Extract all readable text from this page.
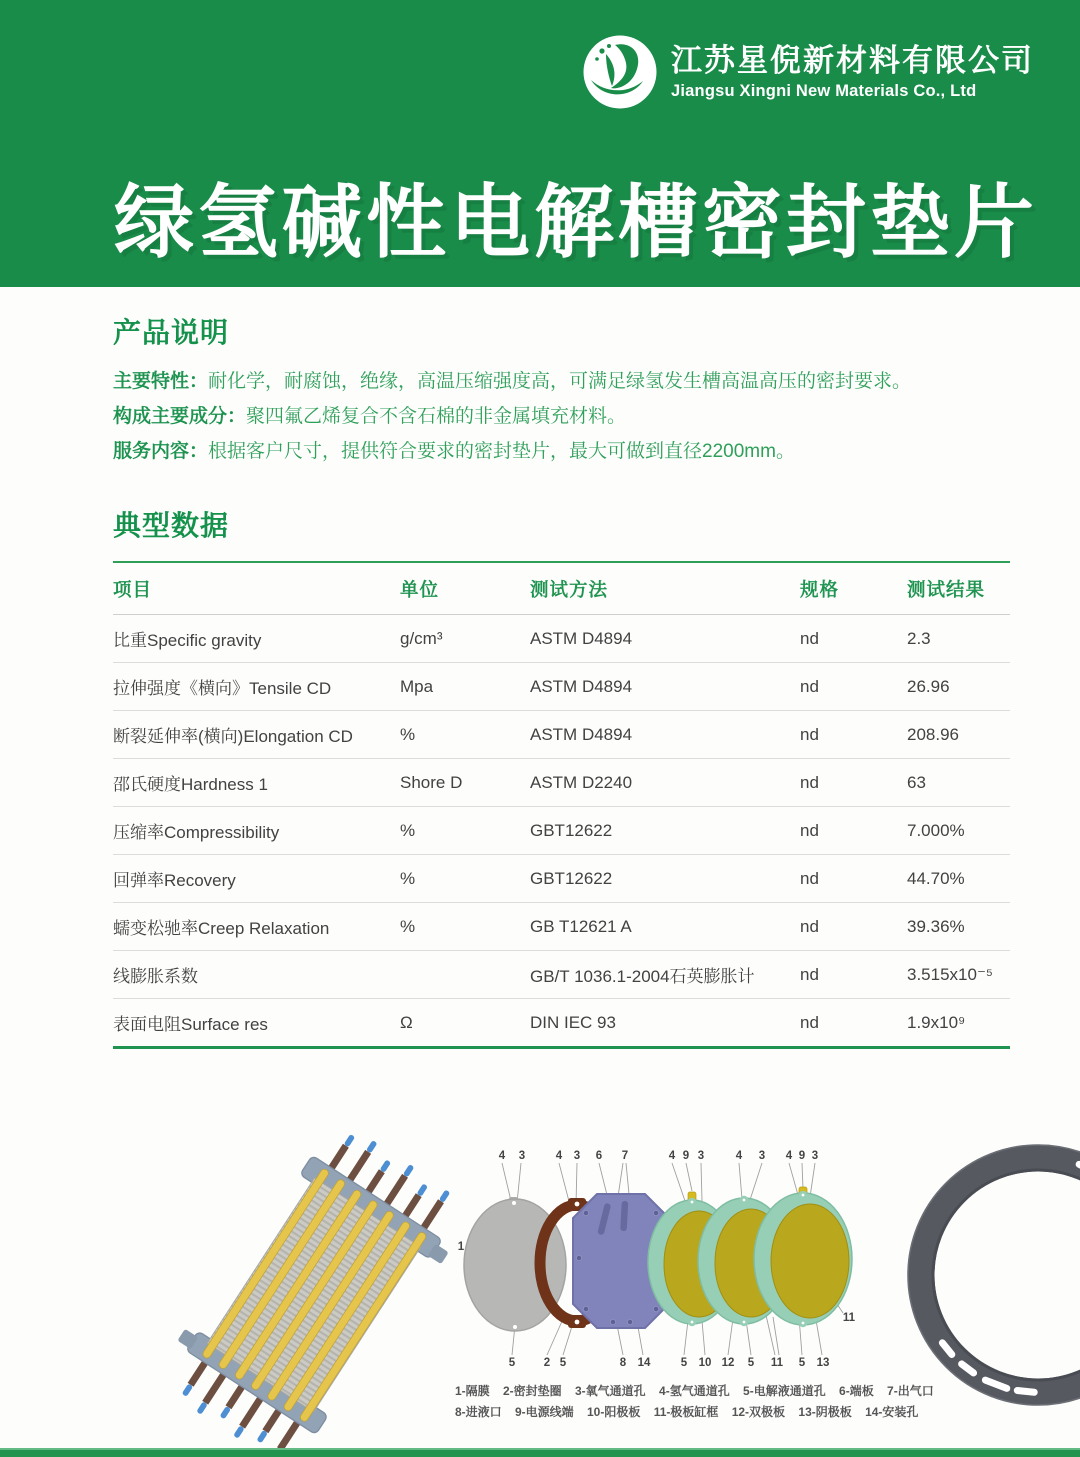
江苏星倪新材料有限公司
Jiangsu Xingni New Materials Co., Ltd
绿氢碱性电解槽密封垫片
产品说明

主要特性：耐化学，耐腐蚀，绝缘，高温压缩强度高，可满足绿氢发生槽高温高压的密封要求。

构成主要成分：聚四氟乙烯复合不含石棉的非金属填充材料。

服务内容：根据客户尺寸，提供符合要求的密封垫片，最大可做到直径2200mm。

典型数据
项目	单位	测试方法	规格	测试结果
比重Specific gravity	g/cm³	ASTM D4894	nd	2.3
拉伸强度《横向》Tensile CD	Mpa	ASTM D4894	nd	26.96
断裂延伸率(横向)Elongation CD	%	ASTM D4894	nd	208.96
邵氏硬度Hardness 1	Shore D	ASTM D2240	nd	63
压缩率Compressibility	%	GBT12622	nd	7.000%
回弹率Recovery	%	GBT12622	nd	44.70%
蠕变松驰率Creep Relaxation	%	GB T12621 A	nd	39.36%
线膨胀系数		GB/T 1036.1-2004石英膨胀计	nd	3.515x10⁻⁵
表面电阻Surface res	Ω	DIN IEC 93	nd	1.9x10⁹
4 3	4 3 6 7	4 9 3	4 3 4 9 3
1
11
5 2 5	8 14	5 10 12 5 11 5 13
1-隔膜    2-密封垫圈    3-氧气通道孔    4-氢气通道孔    5-电解液通道孔    6-端板    7-出气口
8-进液口    9-电源线端    10-阳极板    11-极板缸框    12-双极板    13-阴极板    14-安装孔
